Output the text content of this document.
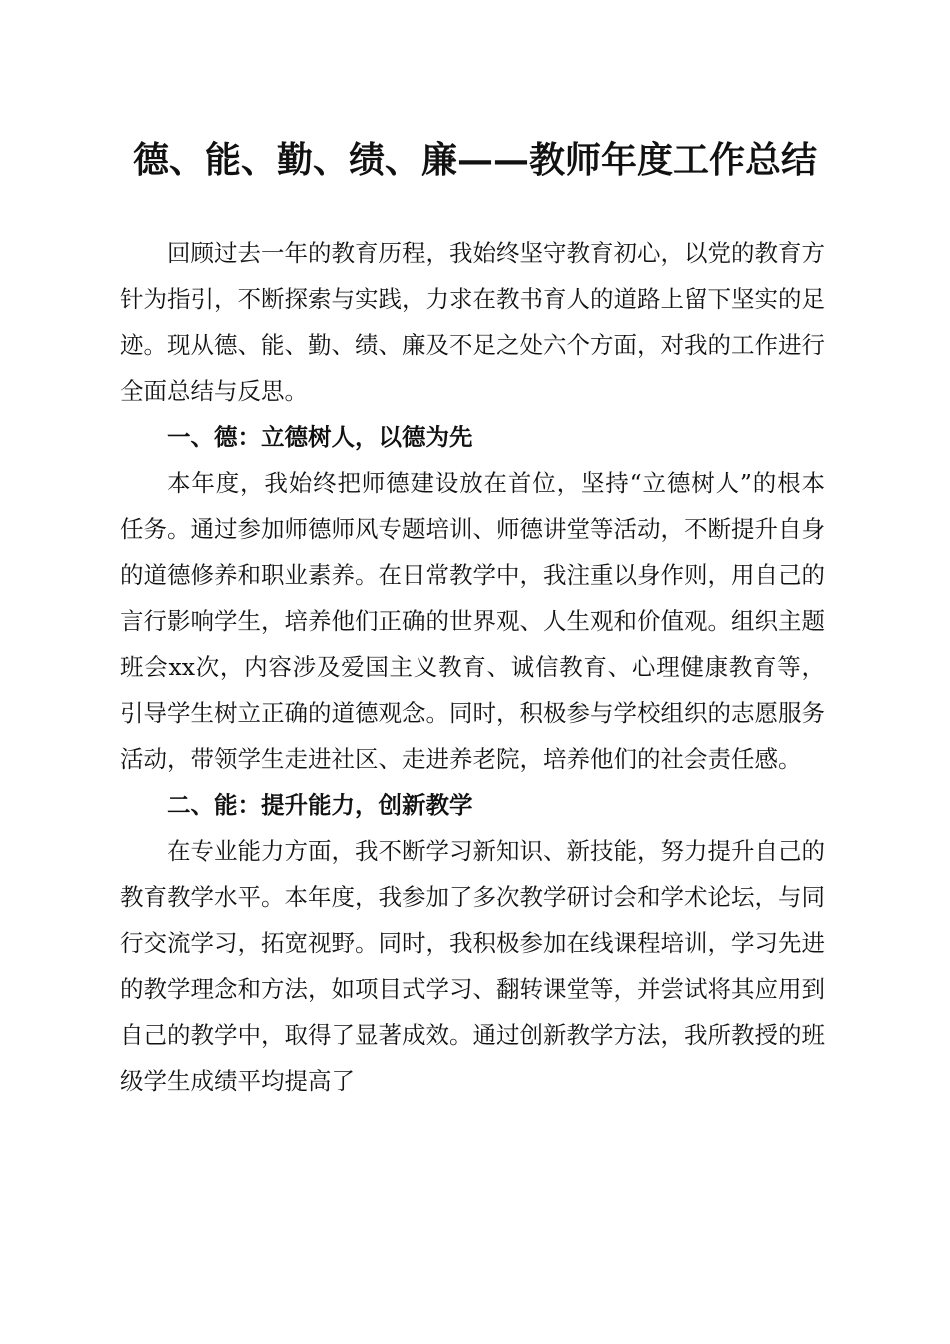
德、能、勤、绩、廉——教师年度工作总结

回顾过去一年的教育历程，我始终坚守教育初心，以党的教育方针为指引，不断探索与实践，力求在教书育人的道路上留下坚实的足迹。现从德、能、勤、绩、廉及不足之处六个方面，对我的工作进行全面总结与反思。

一、德：立德树人，以德为先

本年度，我始终把师德建设放在首位，坚持“立德树人”的根本任务。通过参加师德师风专题培训、师德讲堂等活动，不断提升自身的道德修养和职业素养。在日常教学中，我注重以身作则，用自己的言行影响学生，培养他们正确的世界观、人生观和价值观。组织主题班会xx次，内容涉及爱国主义教育、诚信教育、心理健康教育等，引导学生树立正确的道德观念。同时，积极参与学校组织的志愿服务活动，带领学生走进社区、走进养老院，培养他们的社会责任感。

二、能：提升能力，创新教学

在专业能力方面，我不断学习新知识、新技能，努力提升自己的教育教学水平。本年度，我参加了多次教学研讨会和学术论坛，与同行交流学习，拓宽视野。同时，我积极参加在线课程培训，学习先进的教学理念和方法，如项目式学习、翻转课堂等，并尝试将其应用到自己的教学中，取得了显著成效。通过创新教学方法，我所教授的班级学生成绩平均提高了
